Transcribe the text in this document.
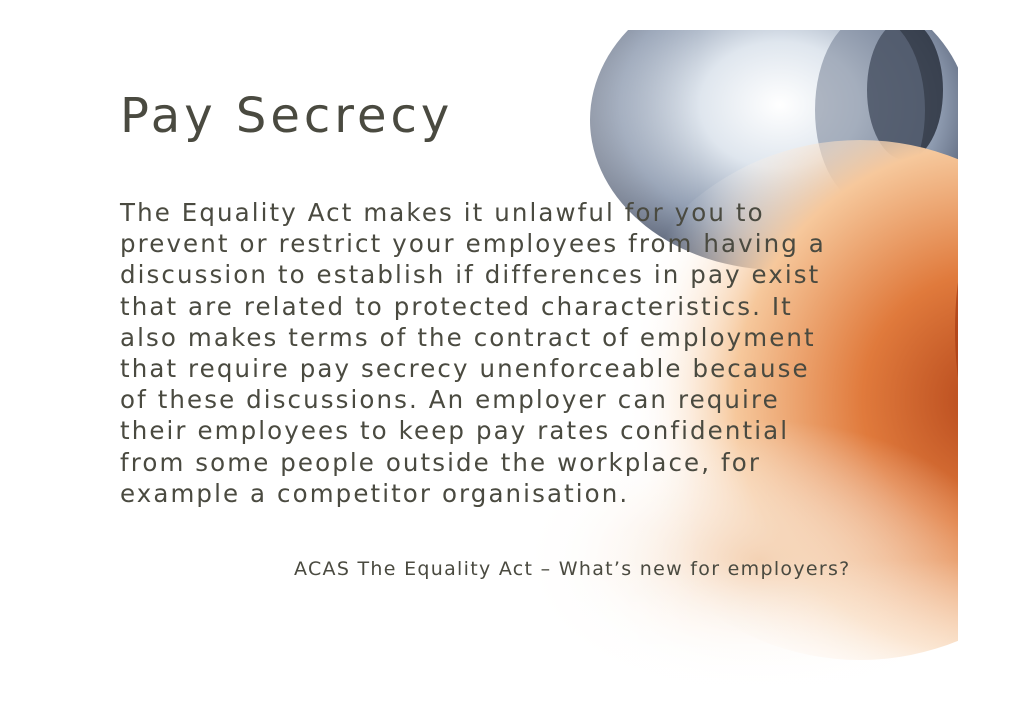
Pay Secrecy
The Equality Act makes it unlawful for you to
prevent or restrict your employees from having a
discussion to establish if differences in pay exist
that are related to protected characteristics. It
also makes terms of the contract of employment
that require pay secrecy unenforceable because
of these discussions. An employer can require
their employees to keep pay rates confidential
from some people outside the workplace, for
example a competitor organisation.
ACAS The Equality Act – What’s new for employers?
